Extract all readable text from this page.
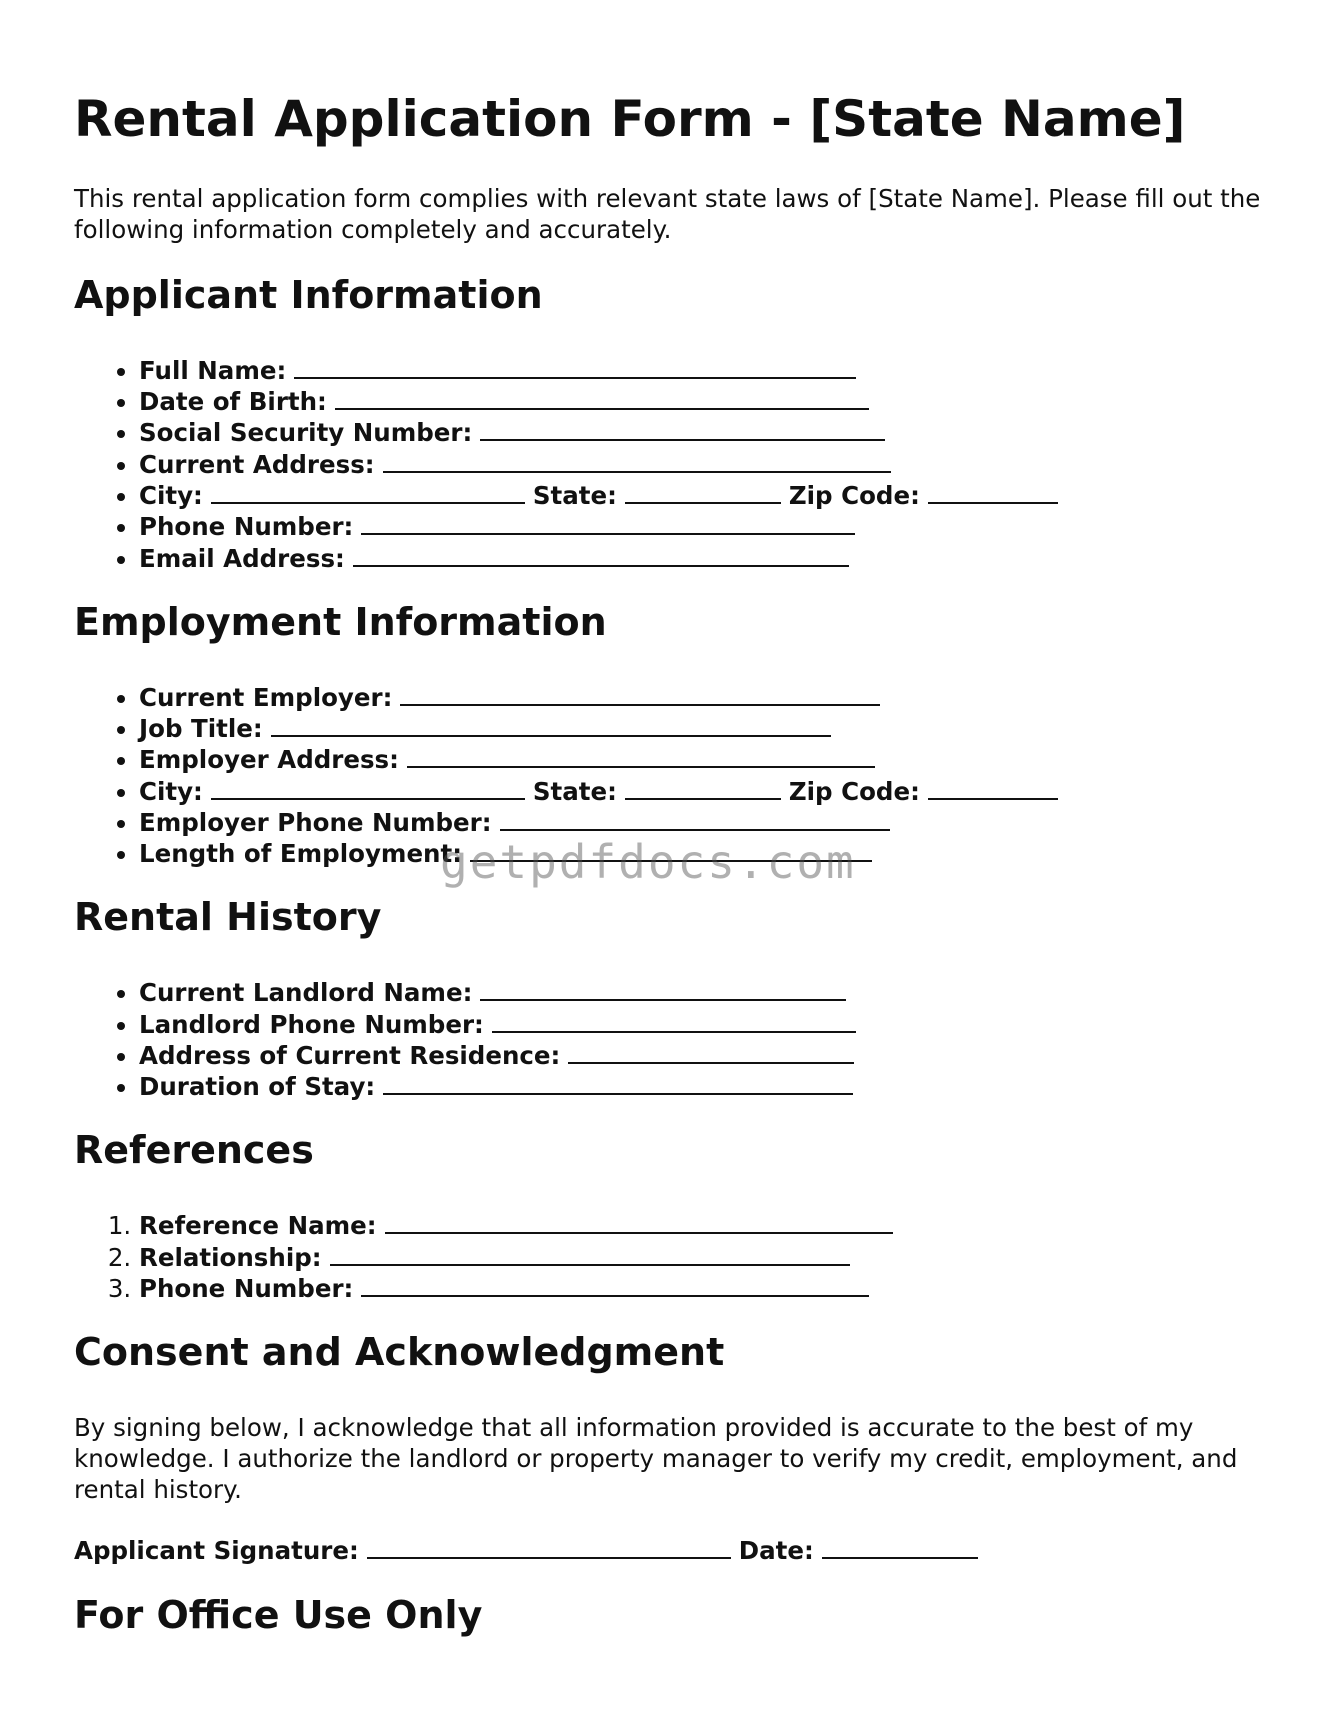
Rental Application Form - [State Name]

This rental application form complies with relevant state laws of [State Name]. Please fill out the following information completely and accurately.

Applicant Information
• Full Name:
• Date of Birth:
• Social Security Number:
• Current Address:
• City:	State:	Zip Code:
• Phone Number:
• Email Address:
Employment Information
• Current Employer:
• Job Title:
• Employer Address:
• City:	State:	Zip Code:
• Employer Phone Number:
• Length of Employment:
Rental History
• Current Landlord Name:
• Landlord Phone Number:
• Address of Current Residence:
• Duration of Stay:
References
1. Reference Name:
2. Relationship:
3. Phone Number:
Consent and Acknowledgment

By signing below, I acknowledge that all information provided is accurate to the best of my knowledge. I authorize the landlord or property manager to verify my credit, employment, and rental history.

Applicant Signature:	Date:
For Office Use Only
getpdfdocs.com
